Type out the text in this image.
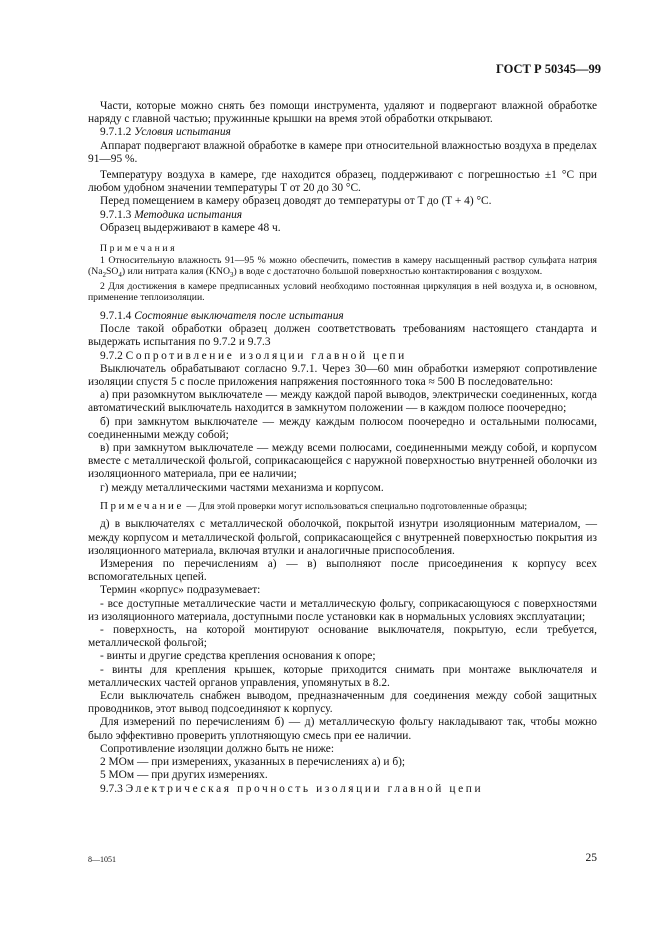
ГОСТ Р 50345—99

Части, которые можно снять без помощи инструмента, удаляют и подвергают влажной обработке наряду с главной частью; пружинные крышки на время этой обработки открывают.

9.7.1.2 Условия испытания

Аппарат подвергают влажной обработке в камере при относительной влажностью воздуха в пределах 91—95 %.

Температуру воздуха в камере, где находится образец, поддерживают с погрешностью ±1 °С при любом удобном значении температуры T от 20 до 30 °С.

Перед помещением в камеру образец доводят до температуры от T до (T + 4) °С.

9.7.1.3 Методика испытания

Образец выдерживают в камере 48 ч.

Примечания

1 Относительную влажность 91—95 % можно обеспечить, поместив в камеру насыщенный раствор сульфата натрия $(Na_2SO_4)$ или нитрата калия $(KNO_3)$ в воде с достаточно большой поверхностью контактирования с воздухом.

2 Для достижения в камере предписанных условий необходимо постоянная циркуляция в ней воздуха и, в основном, применение теплоизоляции.

9.7.1.4 Состояние выключателя после испытания

После такой обработки образец должен соответствовать требованиям настоящего стандарта и выдержать испытания по 9.7.2 и 9.7.3

9.7.2 Сопротивление изоляции главной цепи

Выключатель обрабатывают согласно 9.7.1. Через 30—60 мин обработки измеряют сопротивление изоляции спустя 5 с после приложения напряжения постоянного тока ≈ 500 В последовательно:

а) при разомкнутом выключателе — между каждой парой выводов, электрически соединенных, когда автоматический выключатель находится в замкнутом положении — в каждом полюсе поочередно;

б) при замкнутом выключателе — между каждым полюсом поочередно и остальными полюсами, соединенными между собой;

в) при замкнутом выключателе — между всеми полюсами, соединенными между собой, и корпусом вместе с металлической фольгой, соприкасающейся с наружной поверхностью внутренней оболочки из изоляционного материала, при ее наличии;

г) между металлическими частями механизма и корпусом.

Примечание — Для этой проверки могут использоваться специально подготовленные образцы;

д) в выключателях с металлической оболочкой, покрытой изнутри изоляционным материалом, — между корпусом и металлической фольгой, соприкасающейся с внутренней поверхностью покрытия из изоляционного материала, включая втулки и аналогичные приспособления.

Измерения по перечислениям а) — в) выполняют после присоединения к корпусу всех вспомогательных цепей.

Термин «корпус» подразумевает:

- все доступные металлические части и металлическую фольгу, соприкасающуюся с поверхностями из изоляционного материала, доступными после установки как в нормальных условиях эксплуатации;

- поверхность, на которой монтируют основание выключателя, покрытую, если требуется, металлической фольгой;

- винты и другие средства крепления основания к опоре;

- винты для крепления крышек, которые приходится снимать при монтаже выключателя и металлических частей органов управления, упомянутых в 8.2.

Если выключатель снабжен выводом, предназначенным для соединения между собой защитных проводников, этот вывод подсоединяют к корпусу.

Для измерений по перечислениям б) — д) металлическую фольгу накладывают так, чтобы можно было эффективно проверить уплотняющую смесь при ее наличии.

Сопротивление изоляции должно быть не ниже:

2 МОм — при измерениях, указанных в перечислениях а) и б);

5 МОм — при других измерениях.

9.7.3 Электрическая прочность изоляции главной цепи

8—1051	25
